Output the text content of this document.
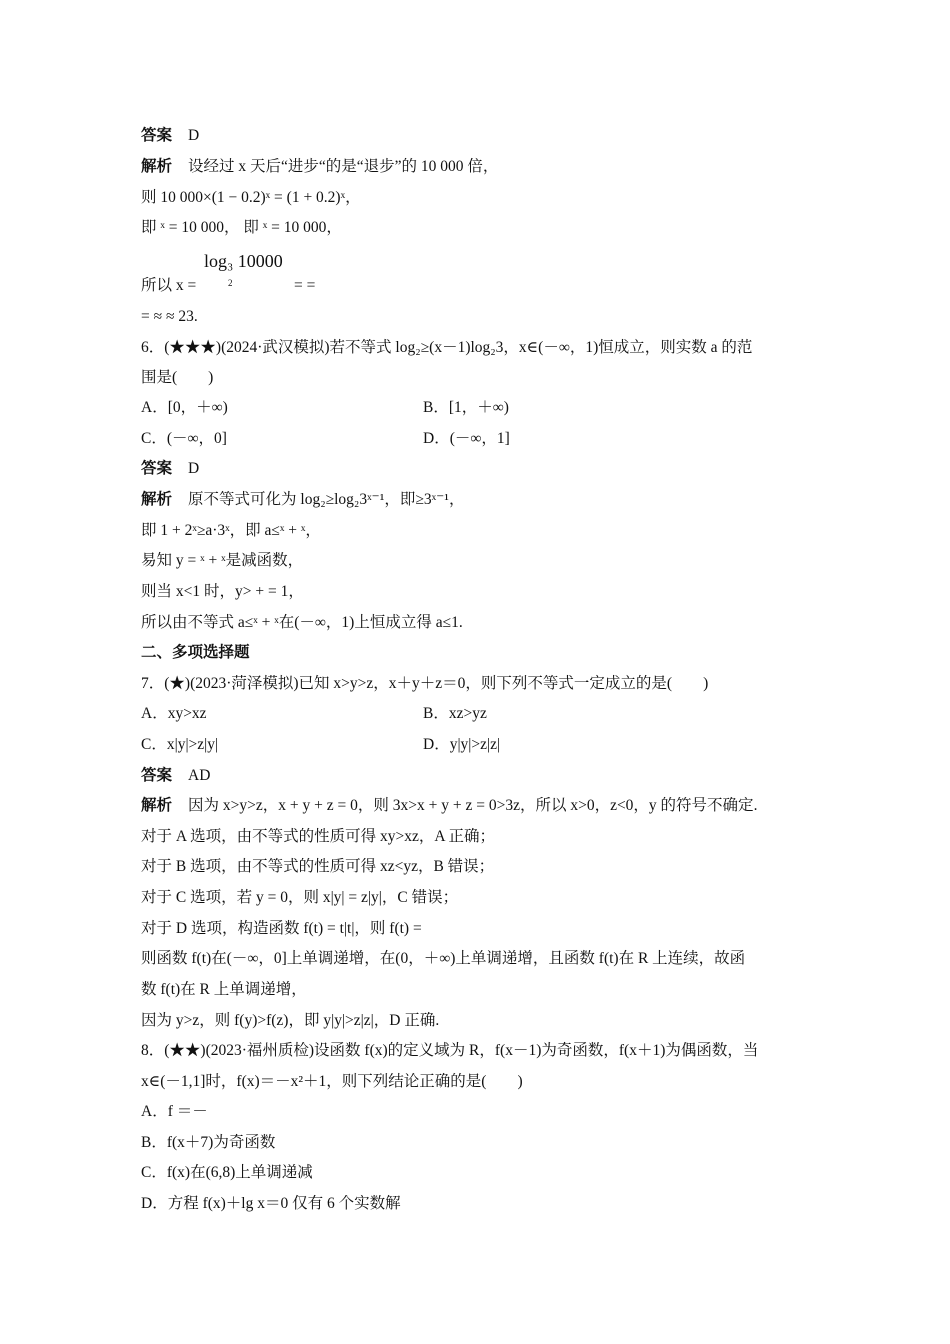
答案 D
解析 设经过 x 天后“进步“的是“退步”的 10 000 倍，
则 10 000×(1 − 0.2)ˣ = (1 + 0.2)ˣ，
即 ˣ = 10 000， 即 ˣ = 10 000，
log₃ 10000
2
所以 x =	= =
= ≈ ≈ 23.
6．(★★★)(2024·武汉模拟)若不等式 log₂≥(x－1)log₂3，x∈(－∞，1)恒成立，则实数 a 的范
围是(　　)
A．[0，＋∞)	B．[1，＋∞)
C．(－∞，0]	D．(－∞，1]
答案 D
解析 原不等式可化为 log₂≥log₂3ˣ⁻¹，即≥3ˣ⁻¹，
即 1 + 2ˣ≥a·3ˣ，即 a≤ˣ + ˣ，
易知 y = ˣ + ˣ是减函数，
则当 x<1 时，y> + = 1，
所以由不等式 a≤ˣ + ˣ在(－∞，1)上恒成立得 a≤1.
二、多项选择题
7．(★)(2023·菏泽模拟)已知 x>y>z，x＋y＋z＝0，则下列不等式一定成立的是(　　)
A．xy>xz	B．xz>yz
C．x|y|>z|y|	D．y|y|>z|z|
答案 AD
解析 因为 x>y>z，x + y + z = 0，则 3x>x + y + z = 0>3z，所以 x>0，z<0，y 的符号不确定.
对于 A 选项，由不等式的性质可得 xy>xz，A 正确；
对于 B 选项，由不等式的性质可得 xz<yz，B 错误；
对于 C 选项，若 y = 0，则 x|y| = z|y|，C 错误；
对于 D 选项，构造函数 f(t) = t|t|，则 f(t) =
则函数 f(t)在(－∞，0]上单调递增，在(0，＋∞)上单调递增，且函数 f(t)在 R 上连续，故函
数 f(t)在 R 上单调递增，
因为 y>z，则 f(y)>f(z)，即 y|y|>z|z|，D 正确.
8．(★★)(2023·福州质检)设函数 f(x)的定义域为 R，f(x－1)为奇函数，f(x＋1)为偶函数，当
x∈(－1,1]时，f(x)＝－x²＋1，则下列结论正确的是(　　)
A．f ＝－
B．f(x＋7)为奇函数
C．f(x)在(6,8)上单调递减
D．方程 f(x)＋lg x＝0 仅有 6 个实数解
